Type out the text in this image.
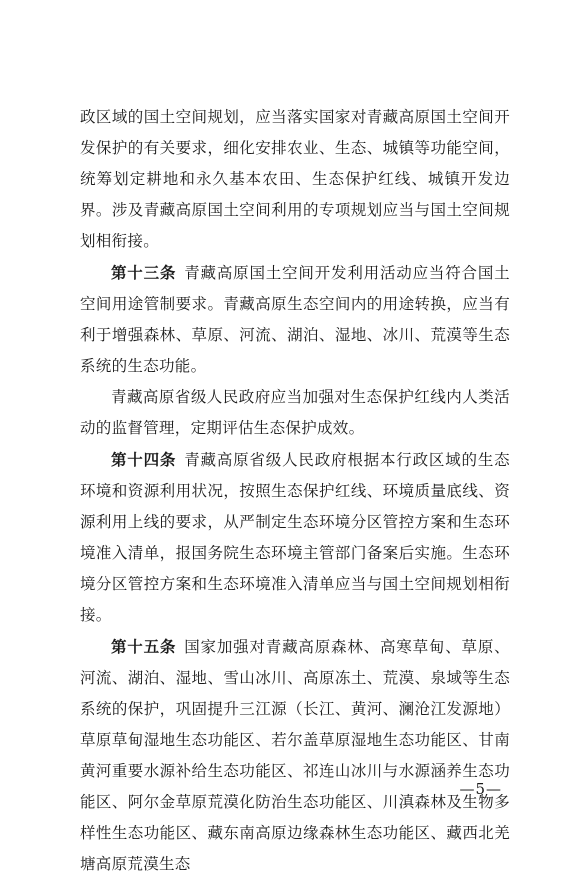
政区域的国土空间规划，应当落实国家对青藏高原国土空间开发保护的有关要求，细化安排农业、生态、城镇等功能空间，统筹划定耕地和永久基本农田、生态保护红线、城镇开发边界。涉及青藏高原国土空间利用的专项规划应当与国土空间规划相衔接。

第十三条 青藏高原国土空间开发利用活动应当符合国土空间用途管制要求。青藏高原生态空间内的用途转换，应当有利于增强森林、草原、河流、湖泊、湿地、冰川、荒漠等生态系统的生态功能。

青藏高原省级人民政府应当加强对生态保护红线内人类活动的监督管理，定期评估生态保护成效。

第十四条 青藏高原省级人民政府根据本行政区域的生态环境和资源利用状况，按照生态保护红线、环境质量底线、资源利用上线的要求，从严制定生态环境分区管控方案和生态环境准入清单，报国务院生态环境主管部门备案后实施。生态环境分区管控方案和生态环境准入清单应当与国土空间规划相衔接。

第十五条 国家加强对青藏高原森林、高寒草甸、草原、河流、湖泊、湿地、雪山冰川、高原冻土、荒漠、泉域等生态系统的保护，巩固提升三江源（长江、黄河、澜沧江发源地）草原草甸湿地生态功能区、若尔盖草原湿地生态功能区、甘南黄河重要水源补给生态功能区、祁连山冰川与水源涵养生态功能区、阿尔金草原荒漠化防治生态功能区、川滇森林及生物多样性生态功能区、藏东南高原边缘森林生态功能区、藏西北羌塘高原荒漠生态

—5—
